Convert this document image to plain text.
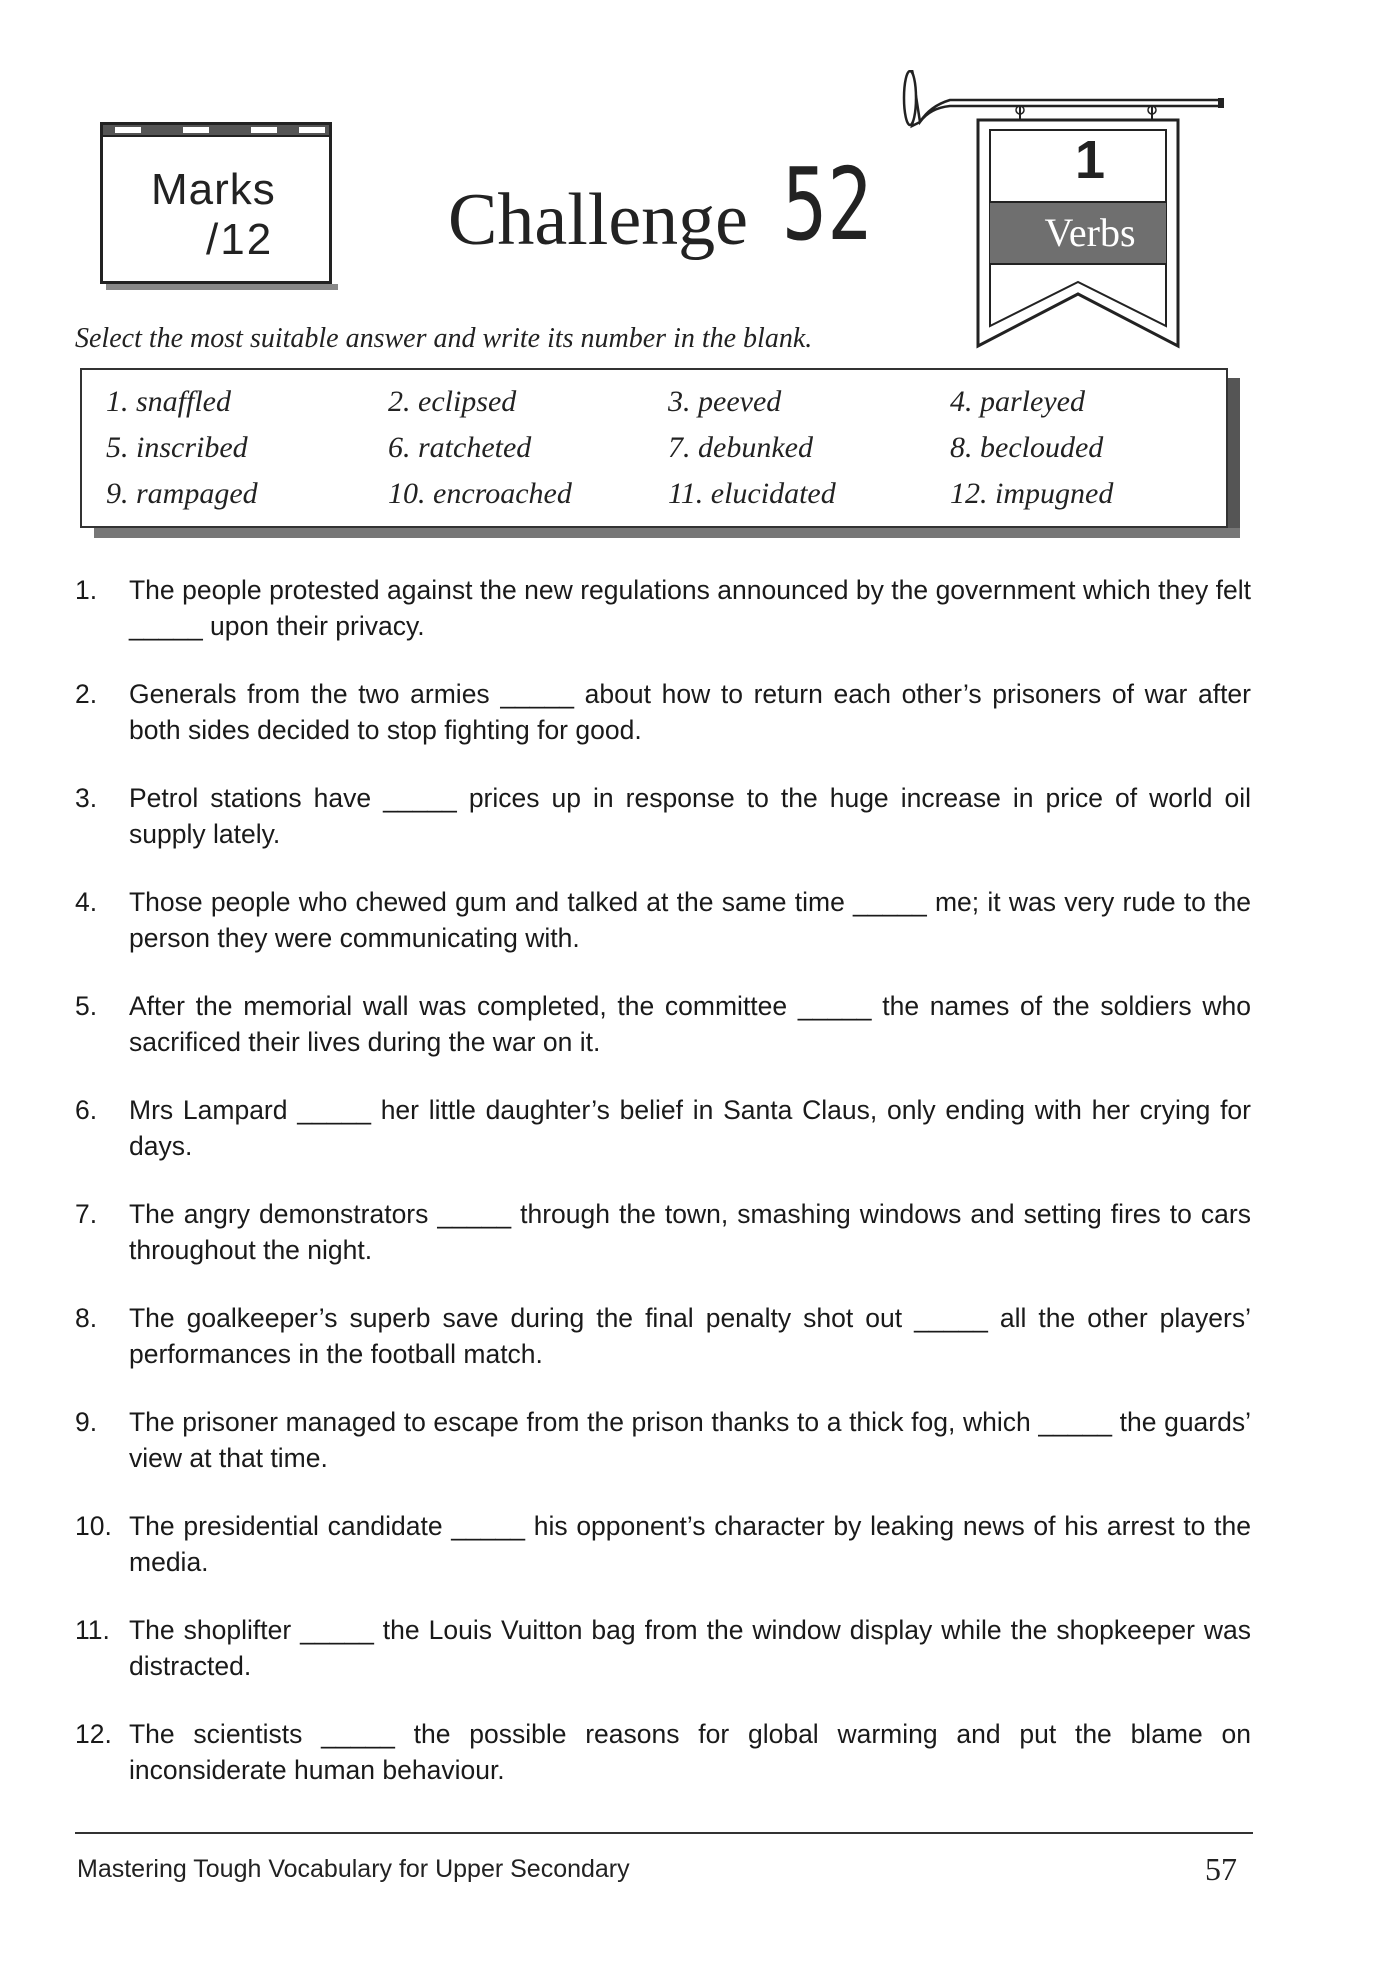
Marks
/12 Challenge 52	1
Verbs
Select the most suitable answer and write its number in the blank.
1. snaffled	2. eclipsed	3. peeved	4. parleyed
5. inscribed	6. ratcheted	7. debunked	8. beclouded
9. rampaged	10. encroached	11. elucidated	12. impugned
1. The people protested against the new regulations announced by the government which they felt _____ upon their privacy.
2. Generals from the two armies _____ about how to return each other’s prisoners of war after both sides decided to stop fighting for good.
3. Petrol stations have _____ prices up in response to the huge increase in price of world oil supply lately.
4. Those people who chewed gum and talked at the same time _____ me; it was very rude to the person they were communicating with.
5. After the memorial wall was completed, the committee _____ the names of the soldiers who sacrificed their lives during the war on it.
6. Mrs Lampard _____ her little daughter’s belief in Santa Claus, only ending with her crying for days.
7. The angry demonstrators _____ through the town, smashing windows and setting fires to cars throughout the night.
8. The goalkeeper’s superb save during the final penalty shot out _____ all the other players’ performances in the football match.
9. The prisoner managed to escape from the prison thanks to a thick fog, which _____ the guards’ view at that time.
10. The presidential candidate _____ his opponent’s character by leaking news of his arrest to the media.
11. The shoplifter _____ the Louis Vuitton bag from the window display while the shopkeeper was distracted.
12. The scientists _____ the possible reasons for global warming and put the blame on inconsiderate human behaviour.
Mastering Tough Vocabulary for Upper Secondary	57
